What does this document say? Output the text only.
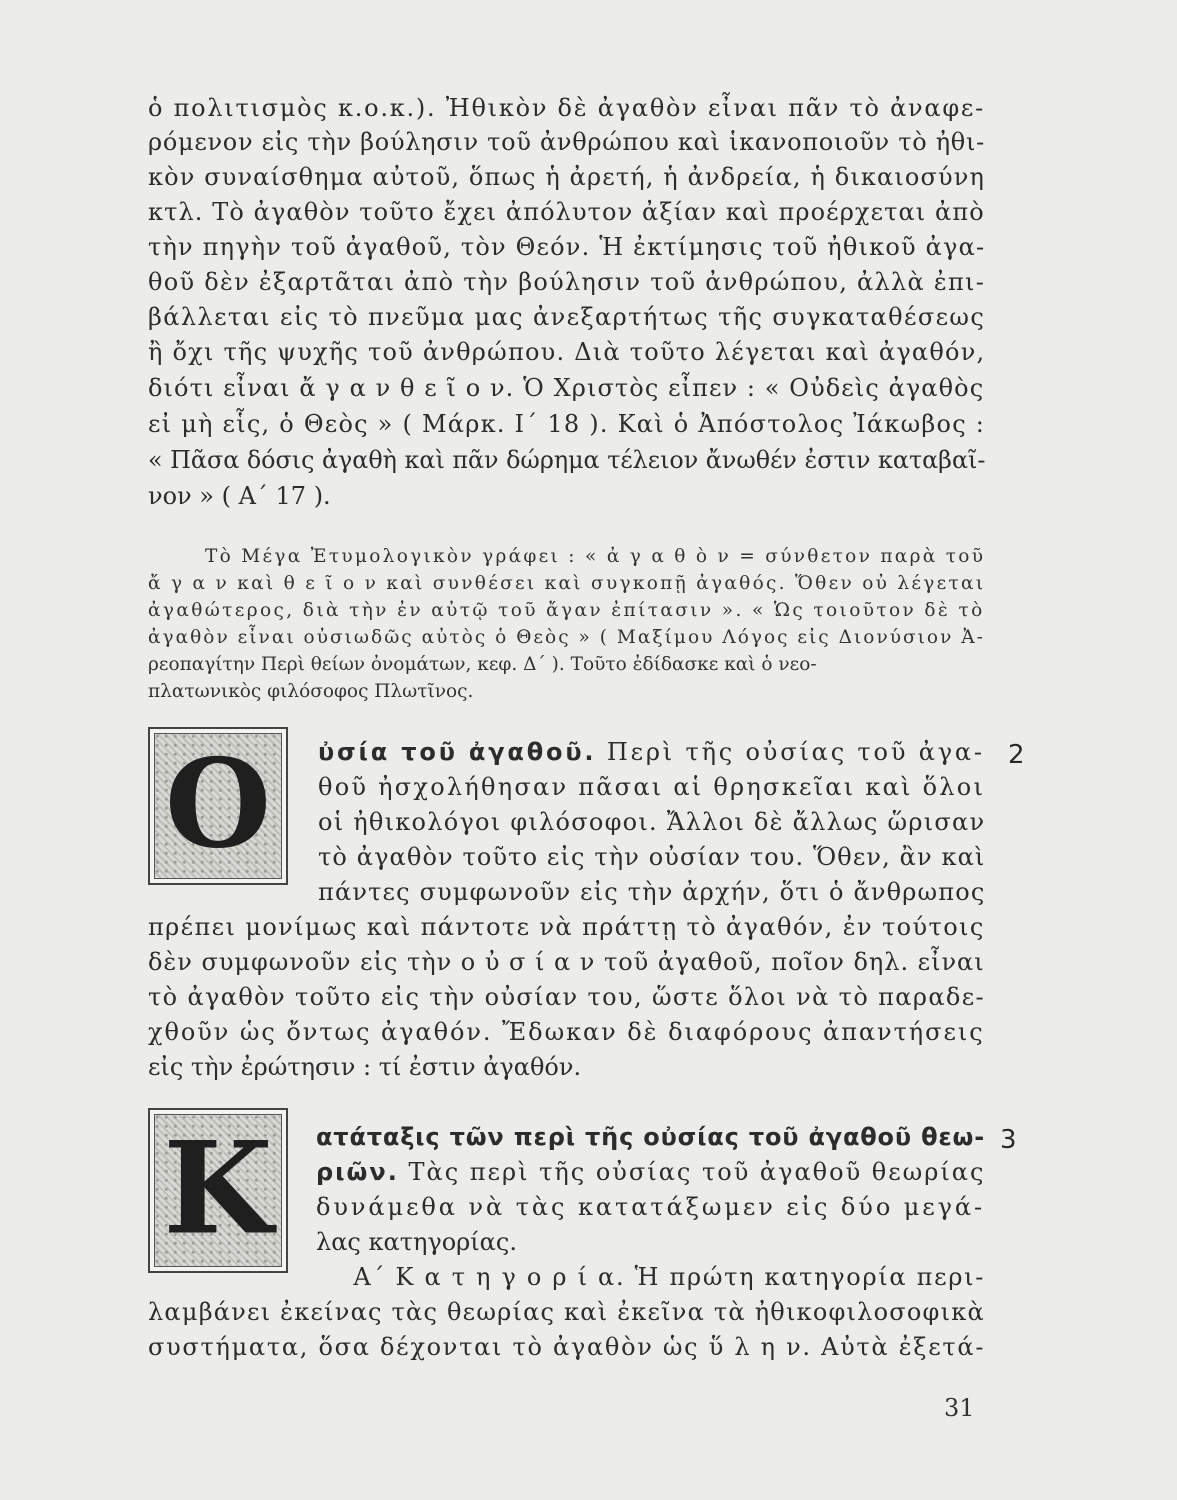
ὁ πολιτισμὸς κ.ο.κ.). Ἠθικὸν δὲ ἀγαθὸν εἶναι πᾶν τὸ ἀναφε-
ρόμενον εἰς τὴν βούλησιν τοῦ ἀνθρώπου καὶ ἱκανοποιοῦν τὸ ἠθι-
κὸν συναίσθημα αὐτοῦ, ὅπως ἡ ἀρετή, ἡ ἀνδρεία, ἡ δικαιοσύνη
κτλ. Τὸ ἀγαθὸν τοῦτο ἔχει ἀπόλυτον ἀξίαν καὶ προέρχεται ἀπὸ
τὴν πηγὴν τοῦ ἀγαθοῦ, τὸν Θεόν. Ἡ ἐκτίμησις τοῦ ἠθικοῦ ἀγα-
θοῦ δὲν ἐξαρτᾶται ἀπὸ τὴν βούλησιν τοῦ ἀνθρώπου, ἀλλὰ ἐπι-
βάλλεται εἰς τὸ πνεῦμα μας ἀνεξαρτήτως τῆς συγκαταθέσεως
ἢ ὄχι τῆς ψυχῆς τοῦ ἀνθρώπου. Διὰ τοῦτο λέγεται καὶ ἀγαθόν,
διότι εἶναι ἄ γ α ν θ ε ῖ ο ν. Ὁ Χριστὸς εἶπεν : « Οὐδεὶς ἀγαθὸς
εἰ μὴ εἷς, ὁ Θεὸς » ( Μάρκ. Ι΄ 18 ). Καὶ ὁ Ἀπόστολος Ἰάκωβος :
« Πᾶσα δόσις ἀγαθὴ καὶ πᾶν δώρημα τέλειον ἄνωθέν ἐστιν καταβαῖ-
νον » ( Α΄ 17 ).
Τὸ Μέγα Ἐτυμολογικὸν γράφει : « ἀ γ α θ ὸ ν = σύνθετον παρὰ τοῦ
ἄ γ α ν καὶ θ ε ῖ ο ν καὶ συνθέσει καὶ συγκοπῇ ἀγαθός. Ὅθεν οὐ λέγεται
ἀγαθώτερος, διὰ τὴν ἐν αὐτῷ τοῦ ἄγαν ἐπίτασιν ». « Ὡς τοιοῦτον δὲ τὸ
ἀγαθὸν εἶναι οὐσιωδῶς αὐτὸς ὁ Θεὸς » ( Μαξίμου Λόγος εἰς Διονύσιον Ἀ-
ρεοπαγίτην Περὶ θείων ὀνομάτων, κεφ. Δ΄ ). Τοῦτο ἐδίδασκε καὶ ὁ νεο-
πλατωνικὸς φιλόσοφος Πλωτῖνος.
Ο ὐσία τοῦ ἀγαθοῦ. Περὶ τῆς οὐσίας τοῦ ἀγα- 2
θοῦ ἠσχολήθησαν πᾶσαι αἱ θρησκεῖαι καὶ ὅλοι
οἱ ἠθικολόγοι φιλόσοφοι. Ἄλλοι δὲ ἄλλως ὥρισαν
τὸ ἀγαθὸν τοῦτο εἰς τὴν οὐσίαν του. Ὅθεν, ἂν καὶ
πάντες συμφωνοῦν εἰς τὴν ἀρχήν, ὅτι ὁ ἄνθρωπος
πρέπει μονίμως καὶ πάντοτε νὰ πράττῃ τὸ ἀγαθόν, ἐν τούτοις
δὲν συμφωνοῦν εἰς τὴν ο ὐ σ ί α ν τοῦ ἀγαθοῦ, ποῖον δηλ. εἶναι
τὸ ἀγαθὸν τοῦτο εἰς τὴν οὐσίαν του, ὥστε ὅλοι νὰ τὸ παραδε-
χθοῦν ὡς ὄντως ἀγαθόν. Ἔδωκαν δὲ διαφόρους ἀπαντήσεις
εἰς τὴν ἐρώτησιν : τί ἐστιν ἀγαθόν.
Κ ατάταξις τῶν περὶ τῆς οὐσίας τοῦ ἀγαθοῦ θεω- 3
ριῶν. Τὰς περὶ τῆς οὐσίας τοῦ ἀγαθοῦ θεωρίας
δυνάμεθα νὰ τὰς κατατάξωμεν εἰς δύο μεγά-
λας κατηγορίας.
Α΄ Κ α τ η γ ο ρ ί α. Ἡ πρώτη κατηγορία περι-
λαμβάνει ἐκείνας τὰς θεωρίας καὶ ἐκεῖνα τὰ ἠθικοφιλοσοφικὰ
συστήματα, ὅσα δέχονται τὸ ἀγαθὸν ὡς ὕ λ η ν. Αὐτὰ ἐξετά-
31
